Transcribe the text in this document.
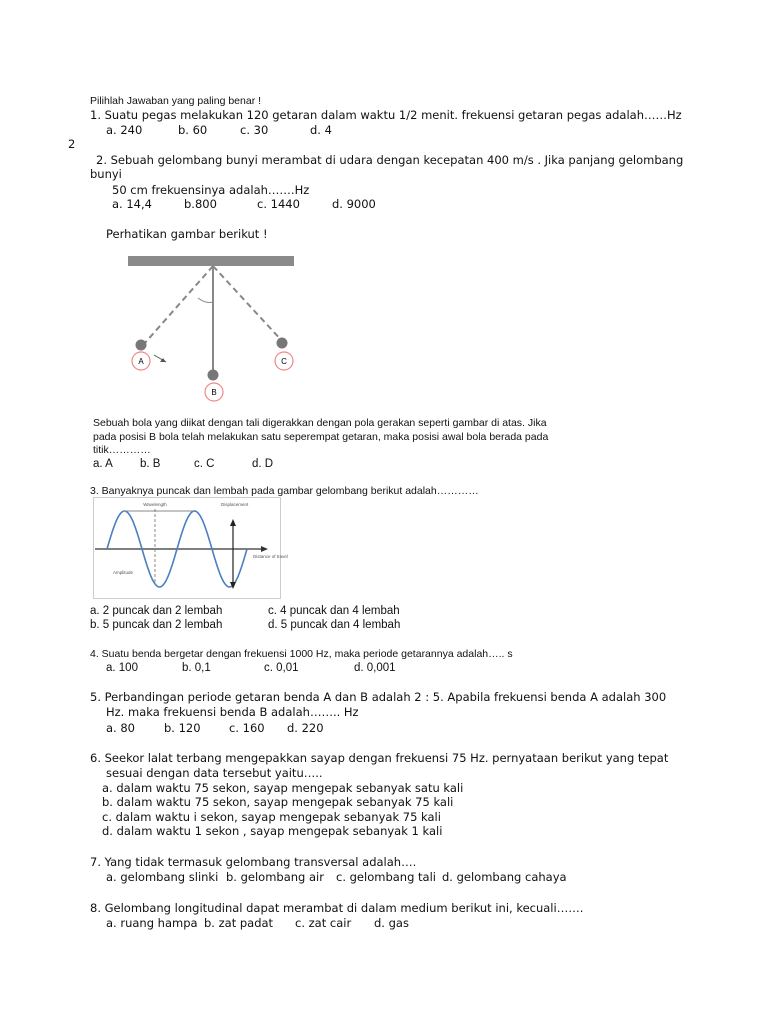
Pilihlah Jawaban yang paling benar !
1. Suatu pegas melakukan 120 getaran dalam waktu 1/2 menit. frekuensi getaran pegas adalah……Hz
a. 240	b. 60	c. 30	d. 4
2
2. Sebuah gelombang bunyi merambat di udara dengan kecepatan 400 m/s . Jika panjang gelombang
bunyi
50 cm frekuensinya adalah…….Hz
a. 14,4	b.800	c. 1440	d. 9000
Perhatikan gambar berikut !
A	C
B
Sebuah bola yang diikat dengan tali digerakkan dengan pola gerakan seperti gambar di atas. Jika
pada posisi B bola telah melakukan satu seperempat getaran, maka posisi awal bola berada pada
titik…………
a. A b. B	c. C	d. D
3. Banyaknya puncak dan lembah pada gambar gelombang berikut adalah…………
Wavelength	Displacement
Distance of travel
Amplitude
a. 2 puncak dan 2 lembah	c. 4 puncak dan 4 lembah
b. 5 puncak dan 2 lembah	d. 5 puncak dan 4 lembah
4. Suatu benda bergetar dengan frekuensi 1000 Hz, maka periode getarannya adalah….. s
a. 100	b. 0,1	c. 0,01	d. 0,001
5. Perbandingan periode getaran benda A dan B adalah 2 : 5. Apabila frekuensi benda A adalah 300
Hz. maka frekuensi benda B adalah…….. Hz
a. 80	b. 120 c. 160 d. 220
6. Seekor lalat terbang mengepakkan sayap dengan frekuensi 75 Hz. pernyataan berikut yang tepat
sesuai dengan data tersebut yaitu…..
a. dalam waktu 75 sekon, sayap mengepak sebanyak satu kali
b. dalam waktu 75 sekon, sayap mengepak sebanyak 75 kali
c. dalam waktu i sekon, sayap mengepak sebanyak 75 kali
d. dalam waktu 1 sekon , sayap mengepak sebanyak 1 kali
7. Yang tidak termasuk gelombang transversal adalah….
a. gelombang slinki b. gelombang air c. gelombang tali d. gelombang cahaya
8. Gelombang longitudinal dapat merambat di dalam medium berikut ini, kecuali…….
a. ruang hampa b. zat padat c. zat cair d. gas
